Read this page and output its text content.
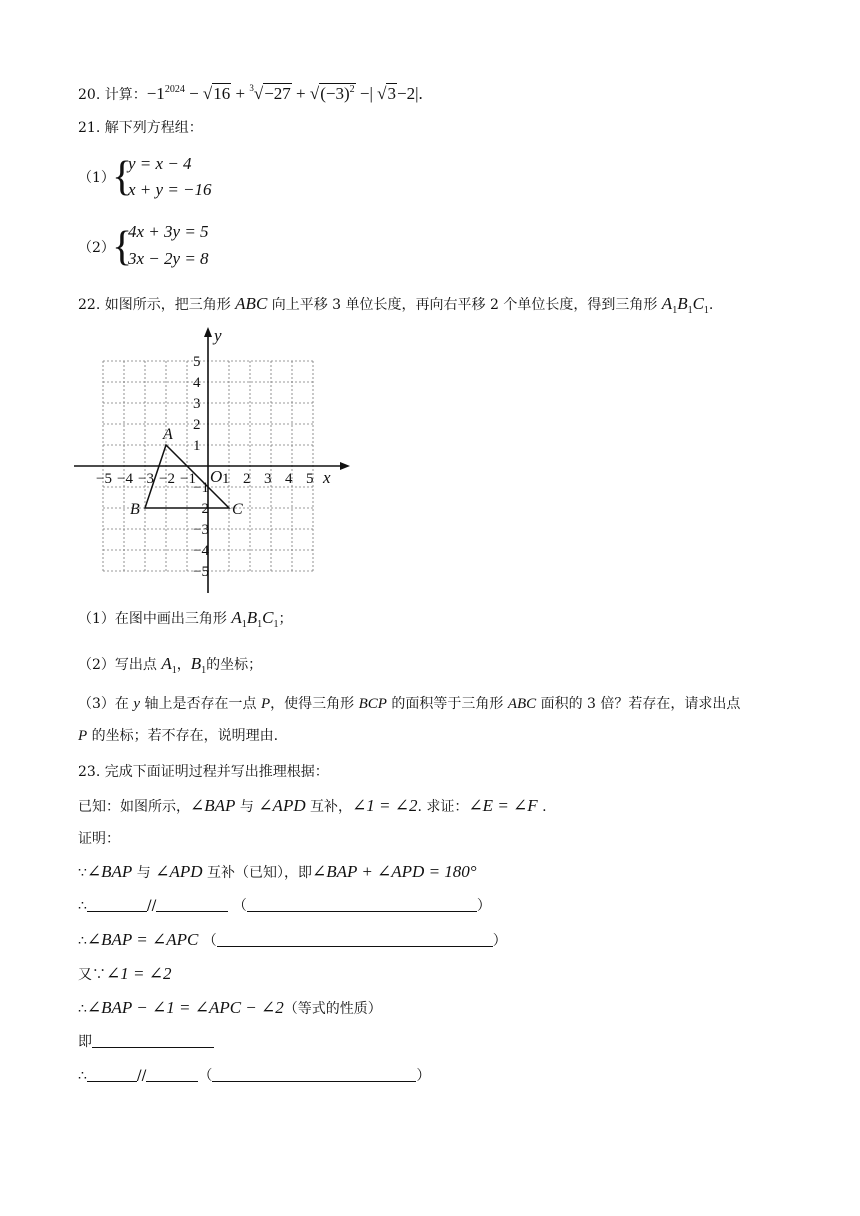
20. 计算：$-1^{2024} - √16 + ^3√-27 + √(-3)^2$ −| √3−2|.
21. 解下列方程组：
（1）
{
y = x − 4
x + y = −16
（2）
{
4x + 3y = 5
3x − 2y = 8
22. 如图所示，把三角形 ABC 向上平移 3 单位长度，再向右平移 2 个单位长度，得到三角形 $A_1B_1C_1$.
x
y
O
−5 −4 −3 −2 −1 1 2 3 4 5
5
4
3
2
1
−1
−2
−3
−4
−5
A
B	C
（1）在图中画出三角形 $A_1B_1C_1$；
（2）写出点 $A_1$，$B_1$的坐标；
（3）在 y 轴上是否存在一点 P，使得三角形 BCP 的面积等于三角形 ABC 面积的 3 倍？若存在，请求出点
P 的坐标；若不存在，说明理由.
23. 完成下面证明过程并写出推理根据：
已知：如图所示，∠BAP 与 ∠APD 互补，∠1 = ∠2. 求证：∠E = ∠F .
证明：
∵∠BAP 与 ∠APD 互补（已知），即∠BAP + ∠APD = 180°
∴	//	（	）
∴∠BAP = ∠APC （	）
又∵∠1 = ∠2
∴∠BAP − ∠1 = ∠APC − ∠2（等式的性质）
即
∴	//	（	）
